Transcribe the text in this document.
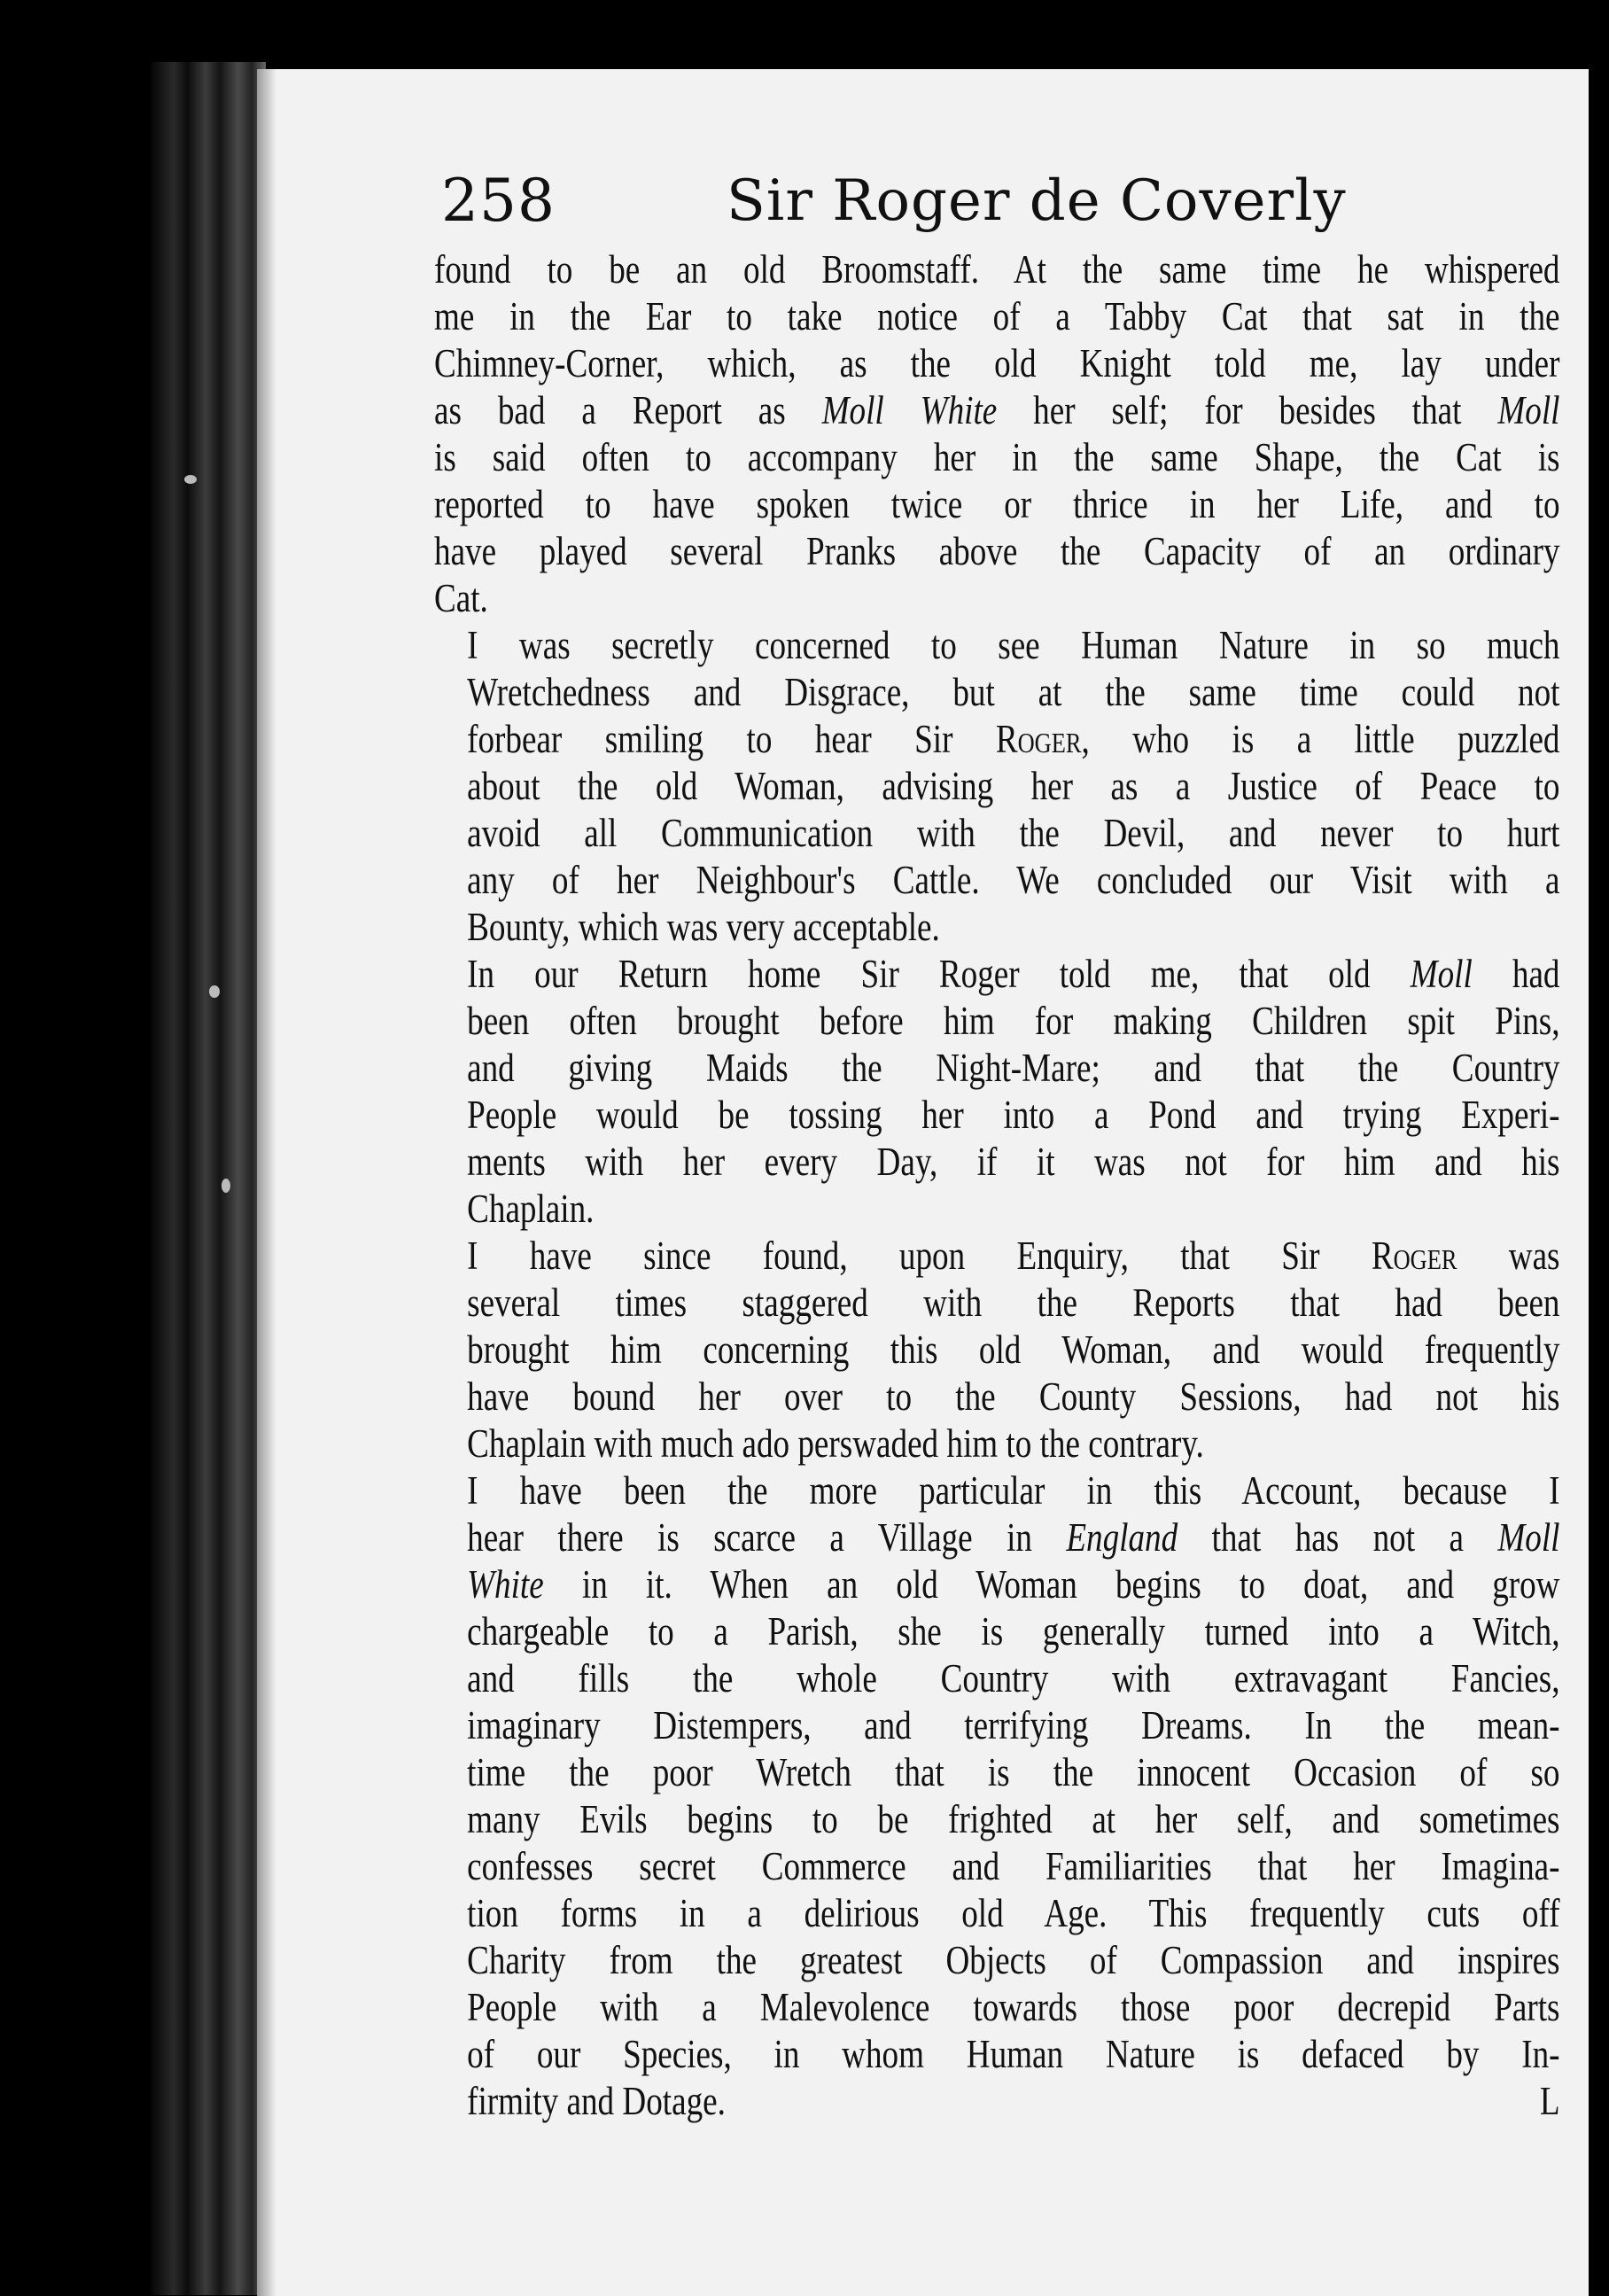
258	Sir Roger de Coverly

found to be an old Broomstaff. At the same time he whispered
me in the Ear to take notice of a Tabby Cat that sat in the
Chimney-Corner, which, as the old Knight told me, lay under
as bad a Report as Moll White her self; for besides that Moll
is said often to accompany her in the same Shape, the Cat is
reported to have spoken twice or thrice in her Life, and to
have played several Pranks above the Capacity of an ordinary
Cat.

I was secretly concerned to see Human Nature in so much
Wretchedness and Disgrace, but at the same time could not
forbear smiling to hear Sir Roger, who is a little puzzled
about the old Woman, advising her as a Justice of Peace to
avoid all Communication with the Devil, and never to hurt
any of her Neighbour's Cattle. We concluded our Visit with a
Bounty, which was very acceptable.

In our Return home Sir Roger told me, that old Moll had
been often brought before him for making Children spit Pins,
and giving Maids the Night-Mare; and that the Country
People would be tossing her into a Pond and trying Experi-
ments with her every Day, if it was not for him and his
Chaplain.

I have since found, upon Enquiry, that Sir Roger was
several times staggered with the Reports that had been
brought him concerning this old Woman, and would frequently
have bound her over to the County Sessions, had not his
Chaplain with much ado perswaded him to the contrary.

I have been the more particular in this Account, because I
hear there is scarce a Village in England that has not a Moll
White in it. When an old Woman begins to doat, and grow
chargeable to a Parish, she is generally turned into a Witch,
and fills the whole Country with extravagant Fancies,
imaginary Distempers, and terrifying Dreams. In the mean-
time the poor Wretch that is the innocent Occasion of so
many Evils begins to be frighted at her self, and sometimes
confesses secret Commerce and Familiarities that her Imagina-
tion forms in a delirious old Age. This frequently cuts off
Charity from the greatest Objects of Compassion and inspires
People with a Malevolence towards those poor decrepid Parts
of our Species, in whom Human Nature is defaced by In-
firmity and Dotage.	L
